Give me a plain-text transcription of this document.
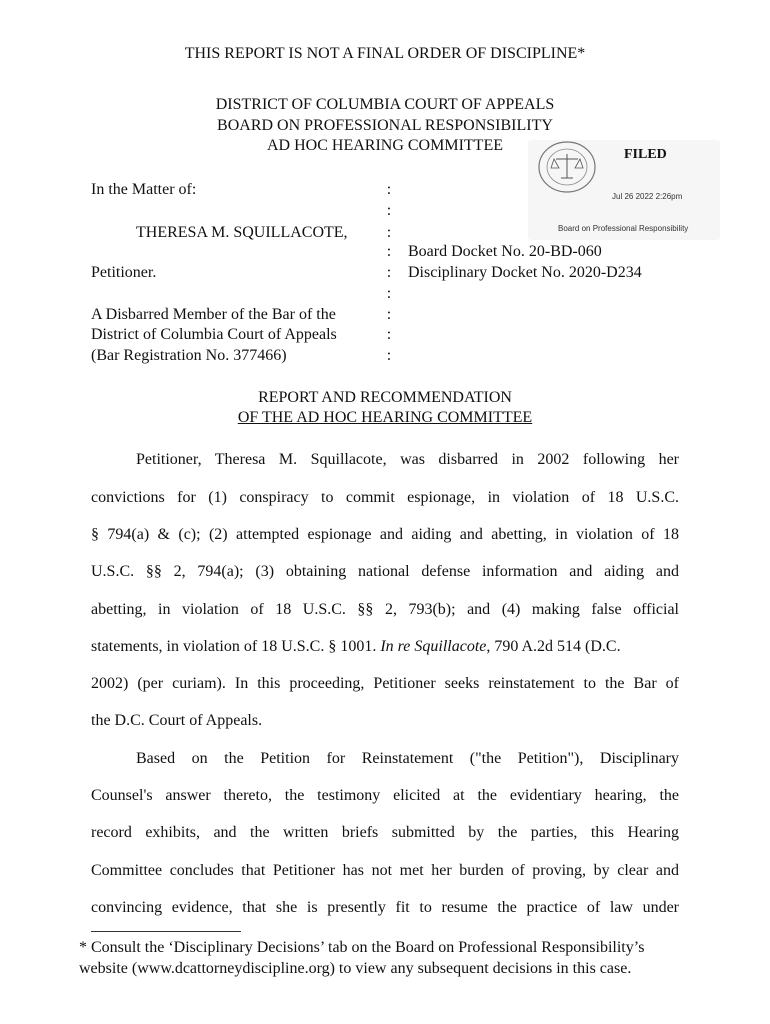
THIS REPORT IS NOT A FINAL ORDER OF DISCIPLINE*
DISTRICT OF COLUMBIA COURT OF APPEALS
BOARD ON PROFESSIONAL RESPONSIBILITY
AD HOC HEARING COMMITTEE
FILED
Jul 26 2022 2:26pm
Board on Professional Responsibility
In the Matter of:
THERESA M. SQUILLACOTE,
Petitioner.
A Disbarred Member of the Bar of the
District of Columbia Court of Appeals
(Bar Registration No. 377466)
:
:
:
:
:
:
:
:
:
Board Docket No. 20-BD-060
Disciplinary Docket No. 2020-D234
REPORT AND RECOMMENDATION
OF THE AD HOC HEARING COMMITTEE
Petitioner, Theresa M. Squillacote, was disbarred in 2002 following her
convictions for (1) conspiracy to commit espionage, in violation of 18 U.S.C.
§ 794(a) & (c); (2) attempted espionage and aiding and abetting, in violation of 18
U.S.C. §§ 2, 794(a); (3) obtaining national defense information and aiding and
abetting, in violation of 18 U.S.C. §§ 2, 793(b); and (4) making false official
statements, in violation of 18 U.S.C. § 1001. In re Squillacote, 790 A.2d 514 (D.C.
2002) (per curiam). In this proceeding, Petitioner seeks reinstatement to the Bar of
the D.C. Court of Appeals.
Based on the Petition for Reinstatement ("the Petition"), Disciplinary
Counsel's answer thereto, the testimony elicited at the evidentiary hearing, the
record exhibits, and the written briefs submitted by the parties, this Hearing
Committee concludes that Petitioner has not met her burden of proving, by clear and
convincing evidence, that she is presently fit to resume the practice of law under
* Consult the ‘Disciplinary Decisions’ tab on the Board on Professional Responsibility’s
website (www.dcattorneydiscipline.org) to view any subsequent decisions in this case.
